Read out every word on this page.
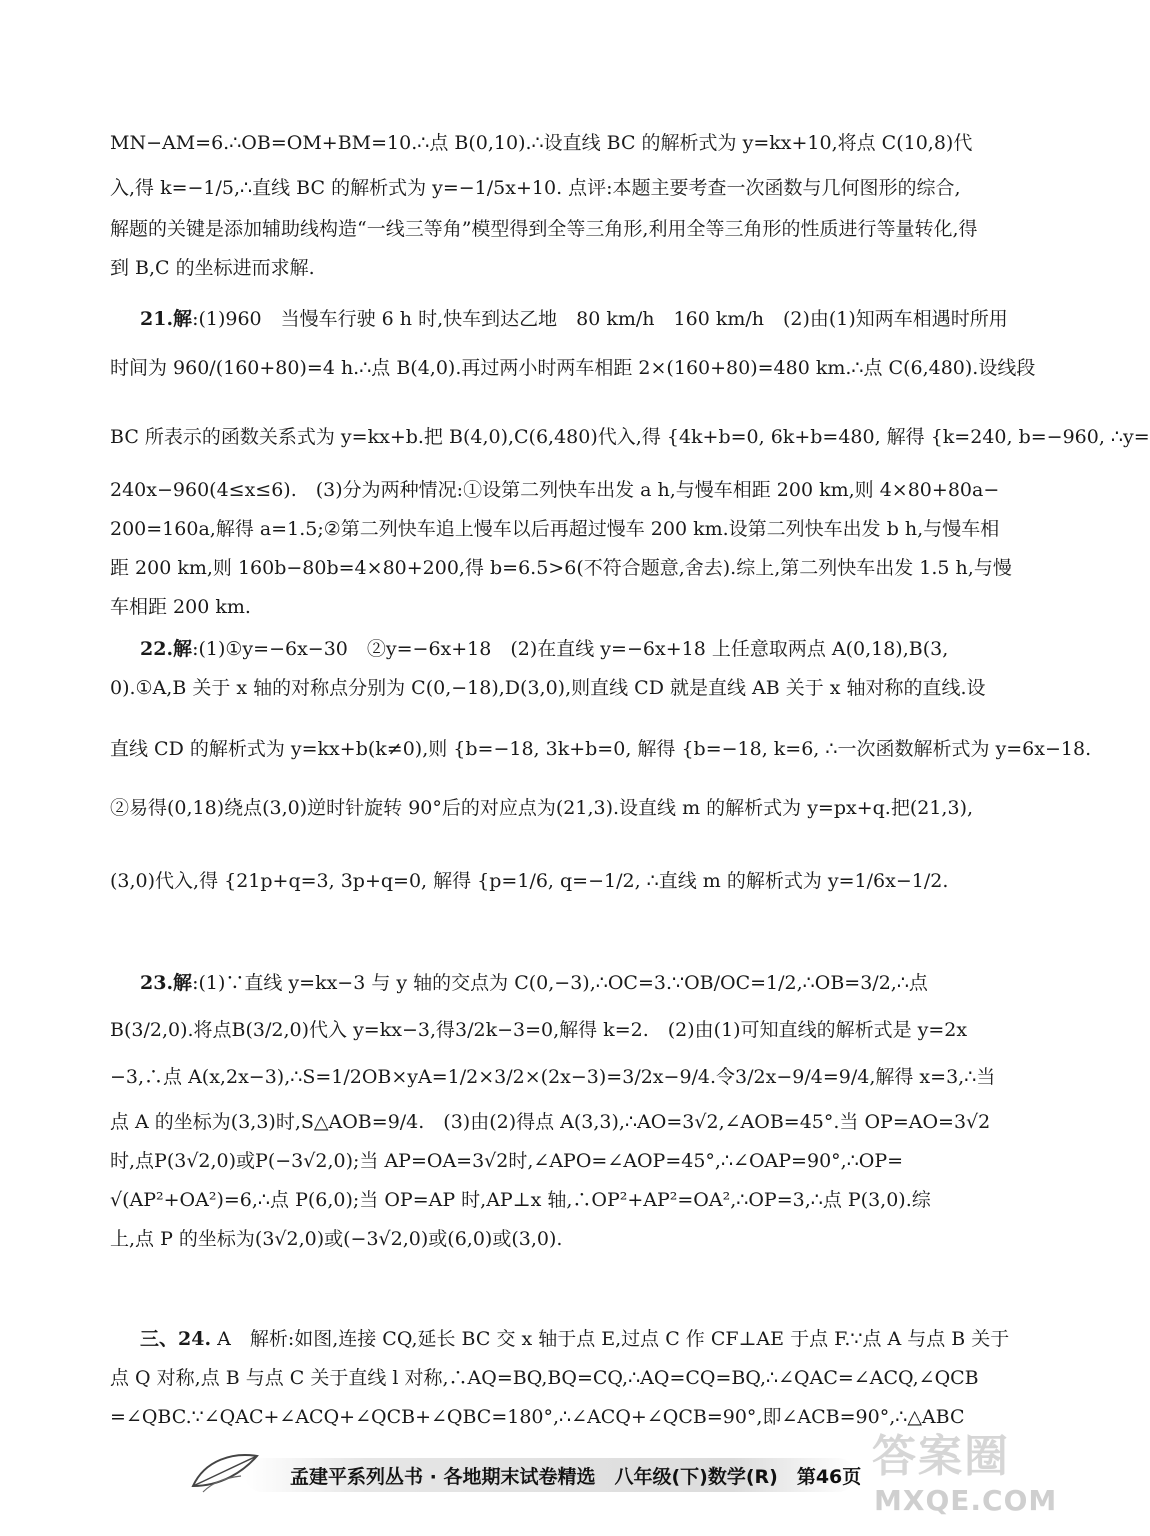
MN−AM=6.∴OB=OM+BM=10.∴点 B(0,10).∴设直线 BC 的解析式为 y=kx+10,将点 C(10,8)代
入,得 k=−1/5,∴直线 BC 的解析式为 y=−1/5x+10. 点评:本题主要考查一次函数与几何图形的综合,
解题的关键是添加辅助线构造“一线三等角”模型得到全等三角形,利用全等三角形的性质进行等量转化,得
到 B,C 的坐标进而求解.
21.解:(1)960　当慢车行驶 6 h 时,快车到达乙地　80 km/h　160 km/h　(2)由(1)知两车相遇时所用
时间为 960/(160+80)=4 h.∴点 B(4,0).再过两小时两车相距 2×(160+80)=480 km.∴点 C(6,480).设线段
BC 所表示的函数关系式为 y=kx+b.把 B(4,0),C(6,480)代入,得 {4k+b=0, 6k+b=480, 解得 {k=240, b=−960, ∴y=
240x−960(4≤x≤6).　(3)分为两种情况:①设第二列快车出发 a h,与慢车相距 200 km,则 4×80+80a−
200=160a,解得 a=1.5;②第二列快车追上慢车以后再超过慢车 200 km.设第二列快车出发 b h,与慢车相
距 200 km,则 160b−80b=4×80+200,得 b=6.5>6(不符合题意,舍去).综上,第二列快车出发 1.5 h,与慢
车相距 200 km.
22.解:(1)①y=−6x−30　②y=−6x+18　(2)在直线 y=−6x+18 上任意取两点 A(0,18),B(3,
0).①A,B 关于 x 轴的对称点分别为 C(0,−18),D(3,0),则直线 CD 就是直线 AB 关于 x 轴对称的直线.设
直线 CD 的解析式为 y=kx+b(k≠0),则 {b=−18, 3k+b=0, 解得 {b=−18, k=6, ∴一次函数解析式为 y=6x−18.
②易得(0,18)绕点(3,0)逆时针旋转 90°后的对应点为(21,3).设直线 m 的解析式为 y=px+q.把(21,3),
(3,0)代入,得 {21p+q=3, 3p+q=0, 解得 {p=1/6, q=−1/2, ∴直线 m 的解析式为 y=1/6x−1/2.
23.解:(1)∵直线 y=kx−3 与 y 轴的交点为 C(0,−3),∴OC=3.∵OB/OC=1/2,∴OB=3/2,∴点
B(3/2,0).将点B(3/2,0)代入 y=kx−3,得3/2k−3=0,解得 k=2.　(2)由(1)可知直线的解析式是 y=2x
−3,∴点 A(x,2x−3),∴S=1/2OB×yA=1/2×3/2×(2x−3)=3/2x−9/4.令3/2x−9/4=9/4,解得 x=3,∴当
点 A 的坐标为(3,3)时,S△AOB=9/4.　(3)由(2)得点 A(3,3),∴AO=3√2,∠AOB=45°.当 OP=AO=3√2
时,点P(3√2,0)或P(−3√2,0);当 AP=OA=3√2时,∠APO=∠AOP=45°,∴∠OAP=90°,∴OP=
√(AP²+OA²)=6,∴点 P(6,0);当 OP=AP 时,AP⊥x 轴,∴OP²+AP²=OA²,∴OP=3,∴点 P(3,0).综
上,点 P 的坐标为(3√2,0)或(−3√2,0)或(6,0)或(3,0).
三、24. A　解析:如图,连接 CQ,延长 BC 交 x 轴于点 E,过点 C 作 CF⊥AE 于点 F.∵点 A 与点 B 关于
点 Q 对称,点 B 与点 C 关于直线 l 对称,∴AQ=BQ,BQ=CQ,∴AQ=CQ=BQ,∴∠QAC=∠ACQ,∠QCB
=∠QBC.∵∠QAC+∠ACQ+∠QCB+∠QBC=180°,∴∠ACQ+∠QCB=90°,即∠ACB=90°,∴△ABC
孟建平系列丛书 · 各地期末试卷精选　八年级(下)数学(R)　第46页 答案圈
MXQE.COM
